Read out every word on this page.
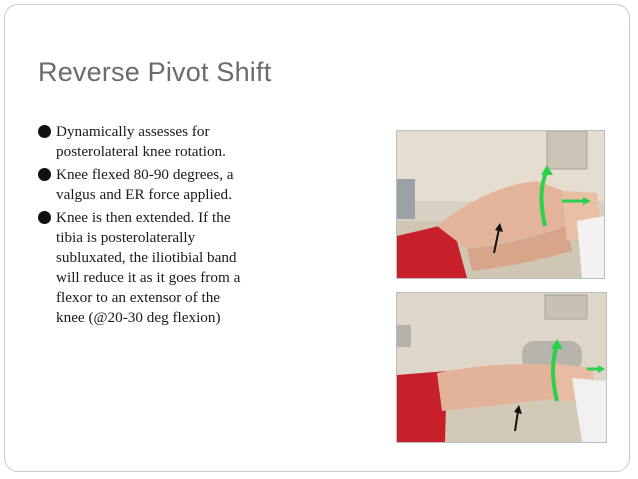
Reverse Pivot Shift
Dynamically assesses for
posterolateral knee rotation.
Knee flexed 80-90 degrees, a
valgus and ER force applied.
Knee is then extended. If the
tibia is posterolaterally
subluxated, the iliotibial band
will reduce it as it goes from a
flexor to an extensor of the
knee (@20-30 deg flexion)
